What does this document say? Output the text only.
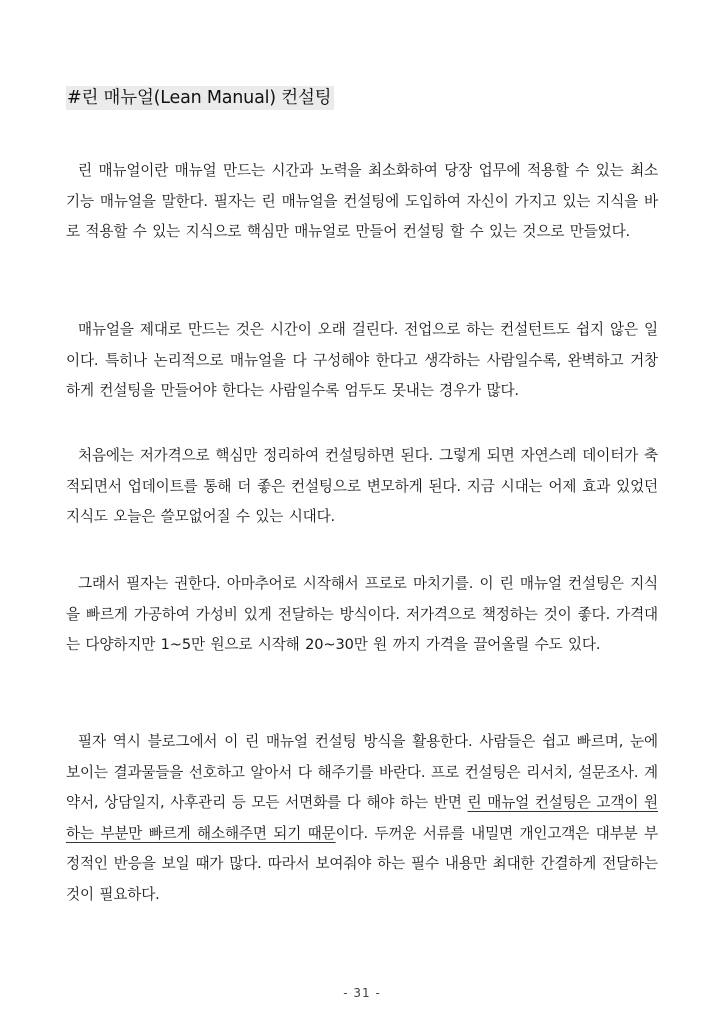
#린 매뉴얼(Lean Manual) 컨설팅

린 매뉴얼이란 매뉴얼 만드는 시간과 노력을 최소화하여 당장 업무에 적용할 수 있는 최소 기능 매뉴얼을 말한다. 필자는 린 매뉴얼을 컨설팅에 도입하여 자신이 가지고 있는 지식을 바로 적용할 수 있는 지식으로 핵심만 매뉴얼로 만들어 컨설팅 할 수 있는 것으로 만들었다.

매뉴얼을 제대로 만드는 것은 시간이 오래 걸린다. 전업으로 하는 컨설턴트도 쉽지 않은 일이다. 특히나 논리적으로 매뉴얼을 다 구성해야 한다고 생각하는 사람일수록, 완벽하고 거창하게 컨설팅을 만들어야 한다는 사람일수록 엄두도 못내는 경우가 많다.

처음에는 저가격으로 핵심만 정리하여 컨설팅하면 된다. 그렇게 되면 자연스레 데이터가 축적되면서 업데이트를 통해 더 좋은 컨설팅으로 변모하게 된다. 지금 시대는 어제 효과 있었던 지식도 오늘은 쓸모없어질 수 있는 시대다.

그래서 필자는 권한다. 아마추어로 시작해서 프로로 마치기를. 이 린 매뉴얼 컨설팅은 지식을 빠르게 가공하여 가성비 있게 전달하는 방식이다. 저가격으로 책정하는 것이 좋다. 가격대는 다양하지만 1~5만 원으로 시작해 20~30만 원 까지 가격을 끌어올릴 수도 있다.

필자 역시 블로그에서 이 린 매뉴얼 컨설팅 방식을 활용한다. 사람들은 쉽고 빠르며, 눈에 보이는 결과물들을 선호하고 알아서 다 해주기를 바란다. 프로 컨설팅은 리서치, 설문조사. 계약서, 상담일지, 사후관리 등 모든 서면화를 다 해야 하는 반면 린 매뉴얼 컨설팅은 고객이 원하는 부분만 빠르게 해소해주면 되기 때문이다. 두꺼운 서류를 내밀면 개인고객은 대부분 부정적인 반응을 보일 때가 많다. 따라서 보여줘야 하는 필수 내용만 최대한 간결하게 전달하는 것이 필요하다.

- 31 -
